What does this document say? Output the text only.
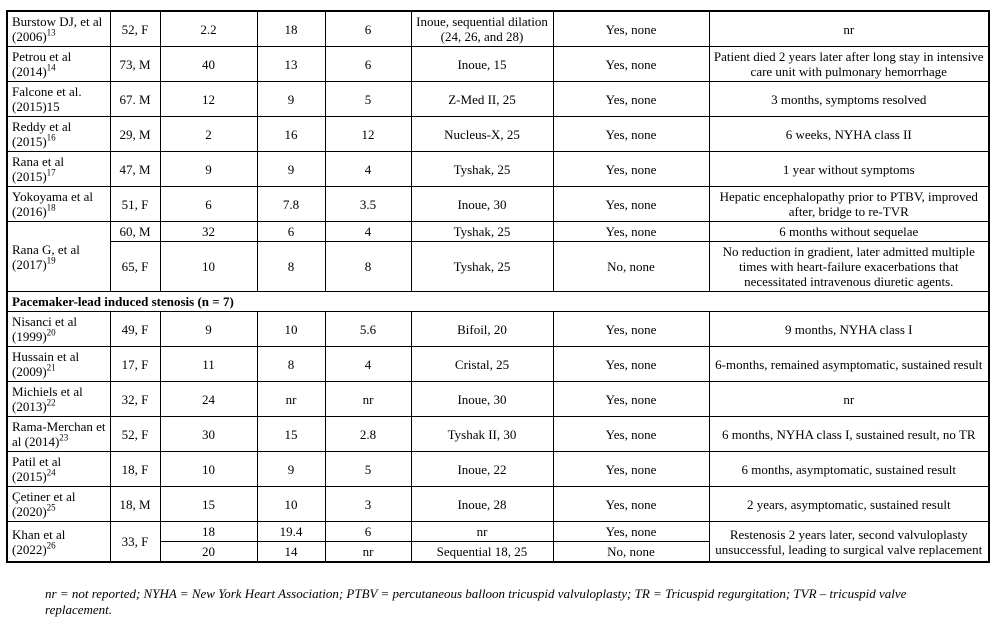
Burstow DJ, et al $(2006)^{13}$	52, F	2.2	18	6	Inoue, sequential dilation (24, 26, and 28)	Yes, none	nr
Petrou et al $(2014)^{14}$	73, M	40	13	6	Inoue, 15	Yes, none	Patient died 2 years later after long stay in intensive care unit with pulmonary hemorrhage
Falcone et al. (2015)15	67. M	12	9	5	Z-Med II, 25	Yes, none	3 months, symptoms resolved
Reddy et al $(2015)^{16}$	29, M	2	16	12	Nucleus-X, 25	Yes, none	6 weeks, NYHA class II
Rana et al $(2015)^{17}$	47, M	9	9	4	Tyshak, 25	Yes, none	1 year without symptoms
Yokoyama et al $(2016)^{18}$	51, F	6	7.8	3.5	Inoue, 30	Yes, none	Hepatic encephalopathy prior to PTBV, improved after, bridge to re-TVR
Rana G, et al $(2017)^{19}$	60, M	32	6	4	Tyshak, 25	Yes, none	6 months without sequelae
	65, F	10	8	8	Tyshak, 25	No, none	No reduction in gradient, later admitted multiple times with heart-failure exacerbations that necessitated intravenous diuretic agents.
Pacemaker-lead induced stenosis (n = 7)							
Nisanci et al $(1999)^{20}$	49, F	9	10	5.6	Bifoil, 20	Yes, none	9 months, NYHA class I
Hussain et al $(2009)^{21}$	17, F	11	8	4	Cristal, 25	Yes, none	6-months, remained asymptomatic, sustained result
Michiels et al $(2013)^{22}$	32, F	24	nr	nr	Inoue, 30	Yes, none	nr
Rama-Merchan et al $(2014)^{23}$	52, F	30	15	2.8	Tyshak II, 30	Yes, none	6 months, NYHA class I, sustained result, no TR
Patil et al $(2015)^{24}$	18, F	10	9	5	Inoue, 22	Yes, none	6 months, asymptomatic, sustained result
Çetiner et al $(2020)^{25}$	18, M	15	10	3	Inoue, 28	Yes, none	2 years, asymptomatic, sustained result
Khan et al $(2022)^{26}$	33, F	18	19.4	6	nr	Yes, none	Restenosis 2 years later, second valvuloplasty unsuccessful, leading to surgical valve replacement
		20	14	nr	Sequential 18, 25	No, none	
nr = not reported; NYHA = New York Heart Association; PTBV = percutaneous balloon tricuspid valvuloplasty; TR = Tricuspid regurgitation; TVR – tricuspid valve replacement.
